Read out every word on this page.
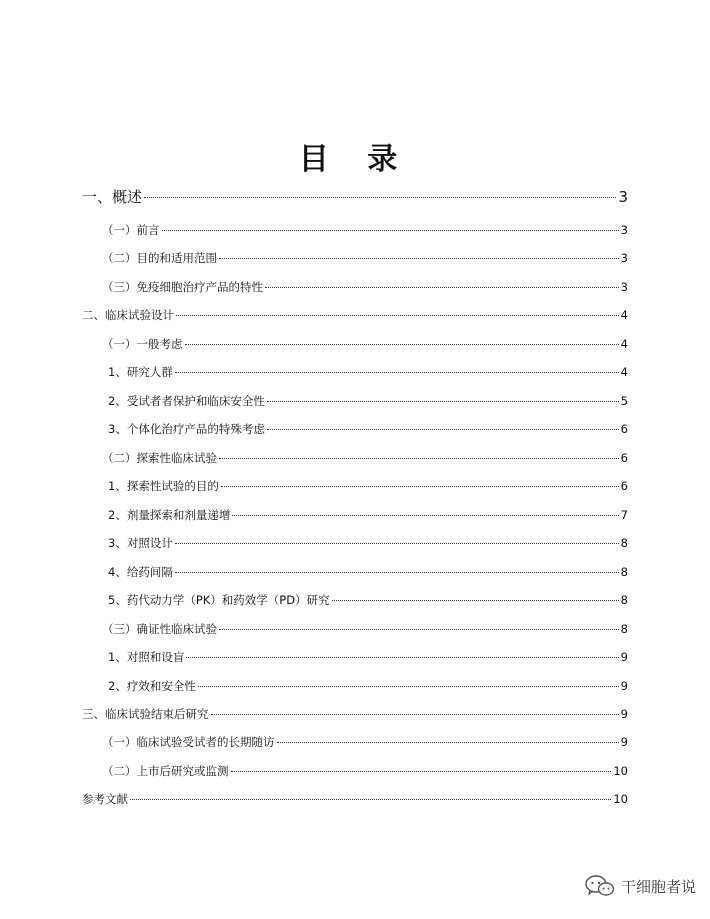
目 录
一、概述	3
（一）前言	3
（二）目的和适用范围	3
（三）免疫细胞治疗产品的特性	3
二、临床试验设计	4
（一）一般考虑	4
1、研究人群	4
2、受试者者保护和临床安全性	5
3、个体化治疗产品的特殊考虑	6
（二）探索性临床试验	6
1、探索性试验的目的	6
2、剂量探索和剂量递增	7
3、对照设计	8
4、给药间隔	8
5、药代动力学（PK）和药效学（PD）研究	8
（三）确证性临床试验	8
1、对照和设盲	9
2、疗效和安全性	9
三、临床试验结束后研究	9
（一）临床试验受试者的长期随访	9
（二）上市后研究或监测	10
参考文献	10
干细胞者说
